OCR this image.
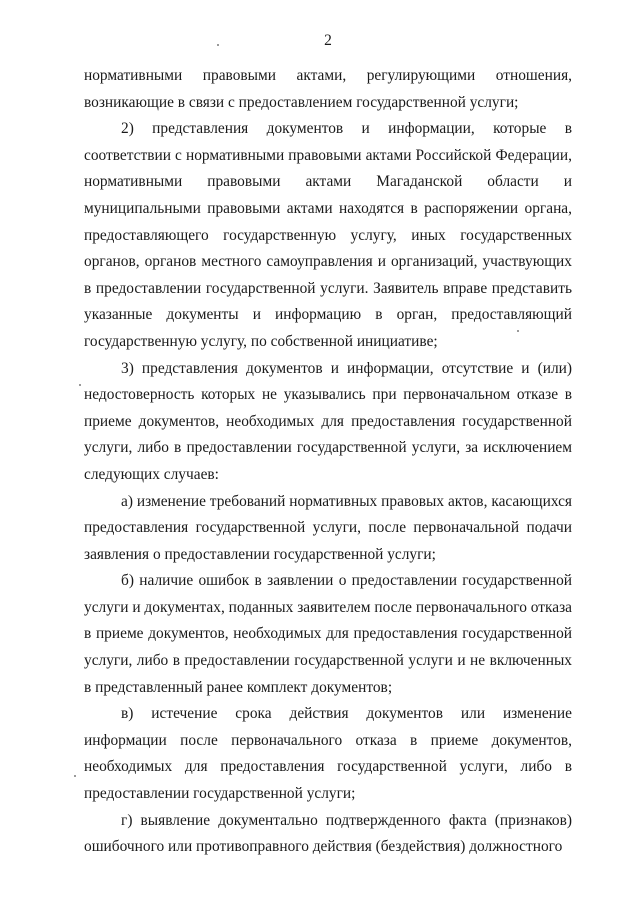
2

нормативными правовыми актами, регулирующими отношения, возникающие в связи с предоставлением государственной услуги;

2) представления документов и информации, которые в соответствии с нормативными правовыми актами Российской Федерации, нормативными правовыми актами Магаданской области и муниципальными правовыми актами находятся в распоряжении органа, предоставляющего государственную услугу, иных государственных органов, органов местного самоуправления и организаций, участвующих в предоставлении государственной услуги. Заявитель вправе представить указанные документы и информацию в орган, предоставляющий государственную услугу, по собственной инициативе;

3) представления документов и информации, отсутствие и (или) недостоверность которых не указывались при первоначальном отказе в приеме документов, необходимых для предоставления государственной услуги, либо в предоставлении государственной услуги, за исключением следующих случаев:

а) изменение требований нормативных правовых актов, касающихся предоставления государственной услуги, после первоначальной подачи заявления о предоставлении государственной услуги;

б) наличие ошибок в заявлении о предоставлении государственной услуги и документах, поданных заявителем после первоначального отказа в приеме документов, необходимых для предоставления государственной услуги, либо в предоставлении государственной услуги и не включенных в представленный ранее комплект документов;

в) истечение срока действия документов или изменение информации после первоначального отказа в приеме документов, необходимых для предоставления государственной услуги, либо в предоставлении государственной услуги;

г) выявление документально подтвержденного факта (признаков) ошибочного или противоправного действия (бездействия) должностного
